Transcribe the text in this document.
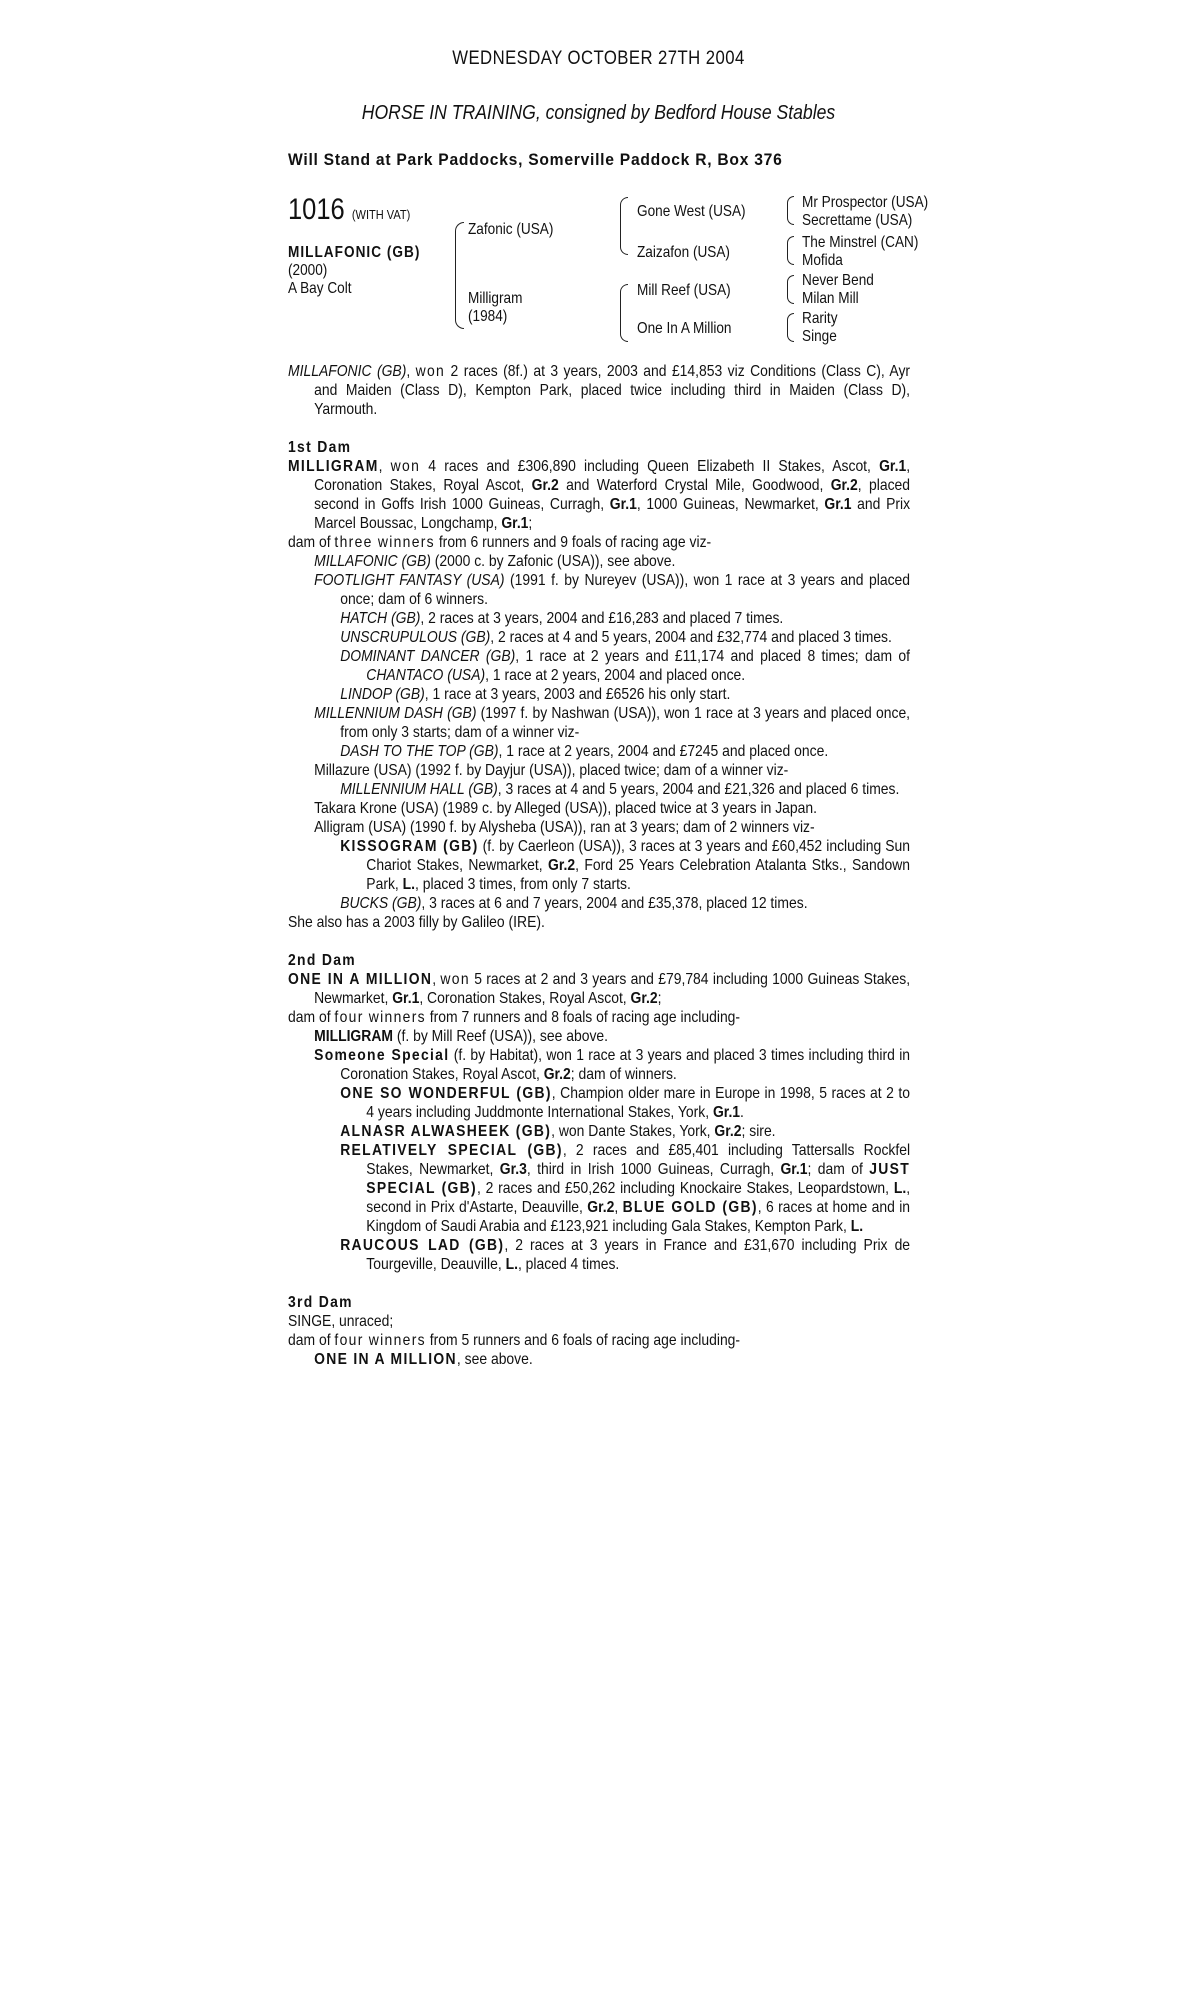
WEDNESDAY OCTOBER 27TH 2004
HORSE IN TRAINING, consigned by Bedford House Stables
Will Stand at Park Paddocks, Somerville Paddock R, Box 376
1016 (WITH VAT)
MILLAFONIC (GB)
(2000)
A Bay Colt
Zafonic (USA)
Milligram
(1984)
Gone West (USA)
Zaizafon (USA)
Mill Reef (USA)
One In A Million
Mr Prospector (USA)
Secrettame (USA)
The Minstrel (CAN)
Mofida
Never Bend
Milan Mill
Rarity
Singe

MILLAFONIC (GB), won 2 races (8f.) at 3 years, 2003 and £14,853 viz Conditions (Class C), Ayr and Maiden (Class D), Kempton Park, placed twice including third in Maiden (Class D), Yarmouth.

1st Dam

MILLIGRAM, won 4 races and £306,890 including Queen Elizabeth II Stakes, Ascot, Gr.1, Coronation Stakes, Royal Ascot, Gr.2 and Waterford Crystal Mile, Goodwood, Gr.2, placed second in Goffs Irish 1000 Guineas, Curragh, Gr.1, 1000 Guineas, Newmarket, Gr.1 and Prix Marcel Boussac, Longchamp, Gr.1;

dam of three winners from 6 runners and 9 foals of racing age viz-

MILLAFONIC (GB) (2000 c. by Zafonic (USA)), see above.

FOOTLIGHT FANTASY (USA) (1991 f. by Nureyev (USA)), won 1 race at 3 years and placed once; dam of 6 winners.

HATCH (GB), 2 races at 3 years, 2004 and £16,283 and placed 7 times.

UNSCRUPULOUS (GB), 2 races at 4 and 5 years, 2004 and £32,774 and placed 3 times.

DOMINANT DANCER (GB), 1 race at 2 years and £11,174 and placed 8 times; dam of CHANTACO (USA), 1 race at 2 years, 2004 and placed once.

LINDOP (GB), 1 race at 3 years, 2003 and £6526 his only start.

MILLENNIUM DASH (GB) (1997 f. by Nashwan (USA)), won 1 race at 3 years and placed once, from only 3 starts; dam of a winner viz-

DASH TO THE TOP (GB), 1 race at 2 years, 2004 and £7245 and placed once.

Millazure (USA) (1992 f. by Dayjur (USA)), placed twice; dam of a winner viz-

MILLENNIUM HALL (GB), 3 races at 4 and 5 years, 2004 and £21,326 and placed 6 times.

Takara Krone (USA) (1989 c. by Alleged (USA)), placed twice at 3 years in Japan.

Alligram (USA) (1990 f. by Alysheba (USA)), ran at 3 years; dam of 2 winners viz-

KISSOGRAM (GB) (f. by Caerleon (USA)), 3 races at 3 years and £60,452 including Sun Chariot Stakes, Newmarket, Gr.2, Ford 25 Years Celebration Atalanta Stks., Sandown Park, L., placed 3 times, from only 7 starts.

BUCKS (GB), 3 races at 6 and 7 years, 2004 and £35,378, placed 12 times.

She also has a 2003 filly by Galileo (IRE).

2nd Dam

ONE IN A MILLION, won 5 races at 2 and 3 years and £79,784 including 1000 Guineas Stakes, Newmarket, Gr.1, Coronation Stakes, Royal Ascot, Gr.2;

dam of four winners from 7 runners and 8 foals of racing age including-

MILLIGRAM (f. by Mill Reef (USA)), see above.

Someone Special (f. by Habitat), won 1 race at 3 years and placed 3 times including third in Coronation Stakes, Royal Ascot, Gr.2; dam of winners.

ONE SO WONDERFUL (GB), Champion older mare in Europe in 1998, 5 races at 2 to 4 years including Juddmonte International Stakes, York, Gr.1.

ALNASR ALWASHEEK (GB), won Dante Stakes, York, Gr.2; sire.

RELATIVELY SPECIAL (GB), 2 races and £85,401 including Tattersalls Rockfel Stakes, Newmarket, Gr.3, third in Irish 1000 Guineas, Curragh, Gr.1; dam of JUST SPECIAL (GB), 2 races and £50,262 including Knockaire Stakes, Leopardstown, L., second in Prix d'Astarte, Deauville, Gr.2, BLUE GOLD (GB), 6 races at home and in Kingdom of Saudi Arabia and £123,921 including Gala Stakes, Kempton Park, L.

RAUCOUS LAD (GB), 2 races at 3 years in France and £31,670 including Prix de Tourgeville, Deauville, L., placed 4 times.

3rd Dam

SINGE, unraced;

dam of four winners from 5 runners and 6 foals of racing age including-

ONE IN A MILLION, see above.
